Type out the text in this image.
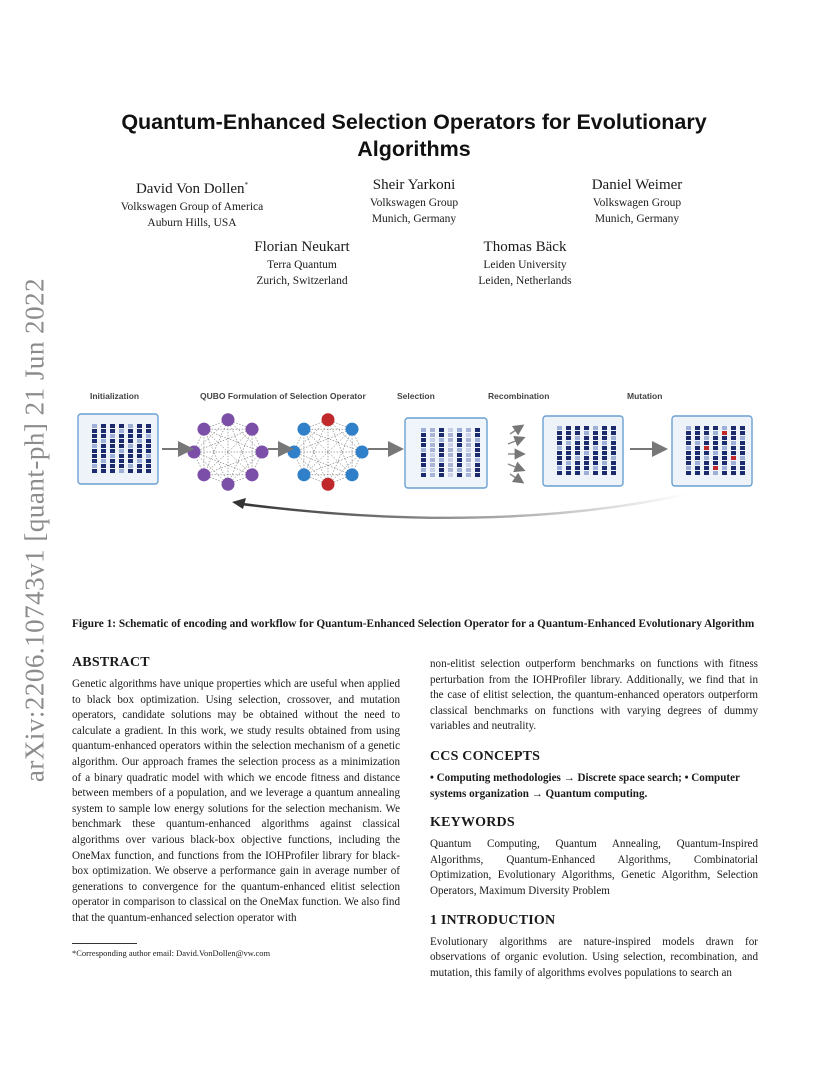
arXiv:2206.10743v1 [quant-ph] 21 Jun 2022
Quantum-Enhanced Selection Operators for Evolutionary Algorithms
David Von Dollen*
Volkswagen Group of America
Auburn Hills, USA
Sheir Yarkoni
Volkswagen Group
Munich, Germany
Daniel Weimer
Volkswagen Group
Munich, Germany
Florian Neukart
Terra Quantum
Zurich, Switzerland
Thomas Bäck
Leiden University
Leiden, Netherlands
Initialization	QUBO Formulation of Selection Operator	Selection	Recombination	Mutation
Figure 1: Schematic of encoding and workflow for Quantum-Enhanced Selection Operator for a Quantum-Enhanced Evolutionary Algorithm
ABSTRACT

Genetic algorithms have unique properties which are useful when applied to black box optimization. Using selection, crossover, and mutation operators, candidate solutions may be obtained without the need to calculate a gradient. In this work, we study results obtained from using quantum-enhanced operators within the selection mechanism of a genetic algorithm. Our approach frames the selection process as a minimization of a binary quadratic model with which we encode fitness and distance between members of a population, and we leverage a quantum annealing system to sample low energy solutions for the selection mechanism. We benchmark these quantum-enhanced algorithms against classical algorithms over various black-box objective functions, including the OneMax function, and functions from the IOHProfiler library for black-box optimization. We observe a performance gain in average number of generations to convergence for the quantum-enhanced elitist selection operator in comparison to classical on the OneMax function. We also find that the quantum-enhanced selection operator with

non-elitist selection outperform benchmarks on functions with fitness perturbation from the IOHProfiler library. Additionally, we find that in the case of elitist selection, the quantum-enhanced operators outperform classical benchmarks on functions with varying degrees of dummy variables and neutrality.

CCS CONCEPTS

• Computing methodologies → Discrete space search; • Computer systems organization → Quantum computing.

KEYWORDS

Quantum Computing, Quantum Annealing, Quantum-Inspired Algorithms, Quantum-Enhanced Algorithms, Combinatorial Optimization, Evolutionary Algorithms, Genetic Algorithm, Selection Operators, Maximum Diversity Problem

1 INTRODUCTION

Evolutionary algorithms are nature-inspired models drawn for observations of organic evolution. Using selection, recombination, and mutation, this family of algorithms evolves populations to search an

*Corresponding author email: David.VonDollen@vw.com
